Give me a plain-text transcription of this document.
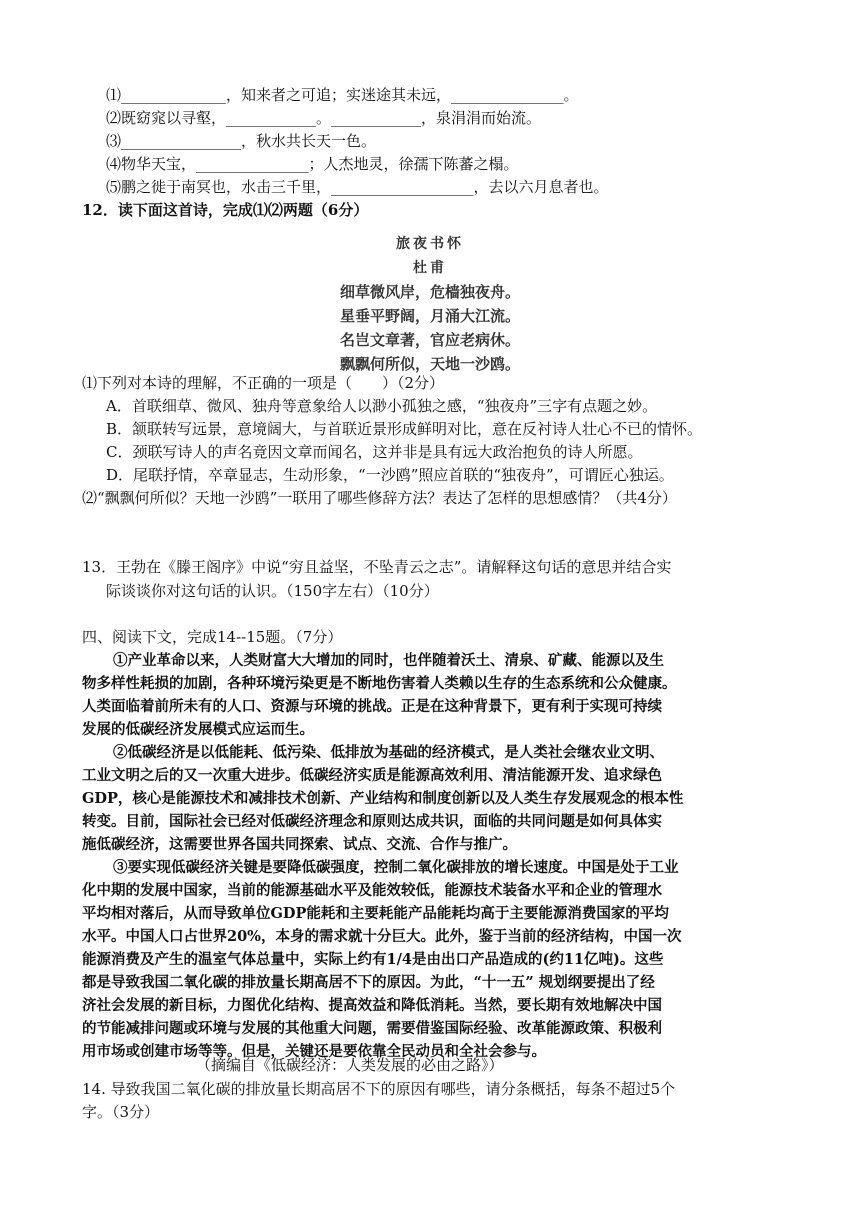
⑴______________，知来者之可追；实迷途其未远，_______________。
⑵既窈窕以寻壑，____________。____________，泉涓涓而始流。
⑶________________，秋水共长天一色。
⑷物华天宝，_______________；人杰地灵，徐孺下陈蕃之榻。
⑸鹏之徙于南冥也，水击三千里，___________________，去以六月息者也。
12．读下面这首诗，完成⑴⑵两题（6分）
旅夜书怀
杜甫
细草微风岸，危樯独夜舟。
星垂平野阔，月涌大江流。
名岂文章著，官应老病休。
飘飘何所似，天地一沙鸥。
⑴下列对本诗的理解，不正确的一项是（　　）（2分）
A．首联细草、微风、独舟等意象给人以渺小孤独之感，“独夜舟”三字有点题之妙。
B．颔联转写远景，意境阔大，与首联近景形成鲜明对比，意在反衬诗人壮心不已的情怀。
C．颈联写诗人的声名竟因文章而闻名，这并非是具有远大政治抱负的诗人所愿。
D．尾联抒情，卒章显志，生动形象，“一沙鸥”照应首联的“独夜舟”，可谓匠心独运。
⑵“飘飘何所似？天地一沙鸥”一联用了哪些修辞方法？表达了怎样的思想感情？（共4分）
13．王勃在《滕王阁序》中说“穷且益坚，不坠青云之志”。请解释这句话的意思并结合实
际谈谈你对这句话的认识。（150字左右）（10分）
四、阅读下文，完成14--15题。（7分）
①产业革命以来，人类财富大大增加的同时，也伴随着沃土、清泉、矿藏、能源以及生
物多样性耗损的加剧，各种环境污染更是不断地伤害着人类赖以生存的生态系统和公众健康。
人类面临着前所未有的人口、资源与环境的挑战。正是在这种背景下，更有利于实现可持续
发展的低碳经济发展模式应运而生。
②低碳经济是以低能耗、低污染、低排放为基础的经济模式，是人类社会继农业文明、
工业文明之后的又一次重大进步。低碳经济实质是能源高效利用、清洁能源开发、追求绿色
GDP，核心是能源技术和减排技术创新、产业结构和制度创新以及人类生存发展观念的根本性
转变。目前，国际社会已经对低碳经济理念和原则达成共识，面临的共同问题是如何具体实
施低碳经济，这需要世界各国共同探索、试点、交流、合作与推广。
③要实现低碳经济关键是要降低碳强度，控制二氧化碳排放的增长速度。中国是处于工业
化中期的发展中国家，当前的能源基础水平及能效较低，能源技术装备水平和企业的管理水
平均相对落后，从而导致单位GDP能耗和主要耗能产品能耗均高于主要能源消费国家的平均
水平。中国人口占世界20%，本身的需求就十分巨大。此外，鉴于当前的经济结构，中国一次
能源消费及产生的温室气体总量中，实际上约有1/4是由出口产品造成的(约11亿吨)。这些
都是导致我国二氧化碳的排放量长期高居不下的原因。为此，“十一五” 规划纲要提出了经
济社会发展的新目标，力图优化结构、提高效益和降低消耗。当然，要长期有效地解决中国
的节能减排问题或环境与发展的其他重大问题，需要借鉴国际经验、改革能源政策、积极利
用市场或创建市场等等。但是，关键还是要依靠全民动员和全社会参与。
（摘编自《低碳经济：人类发展的必由之路》）
14. 导致我国二氧化碳的排放量长期高居不下的原因有哪些，请分条概括，每条不超过5个
字。（3分）
